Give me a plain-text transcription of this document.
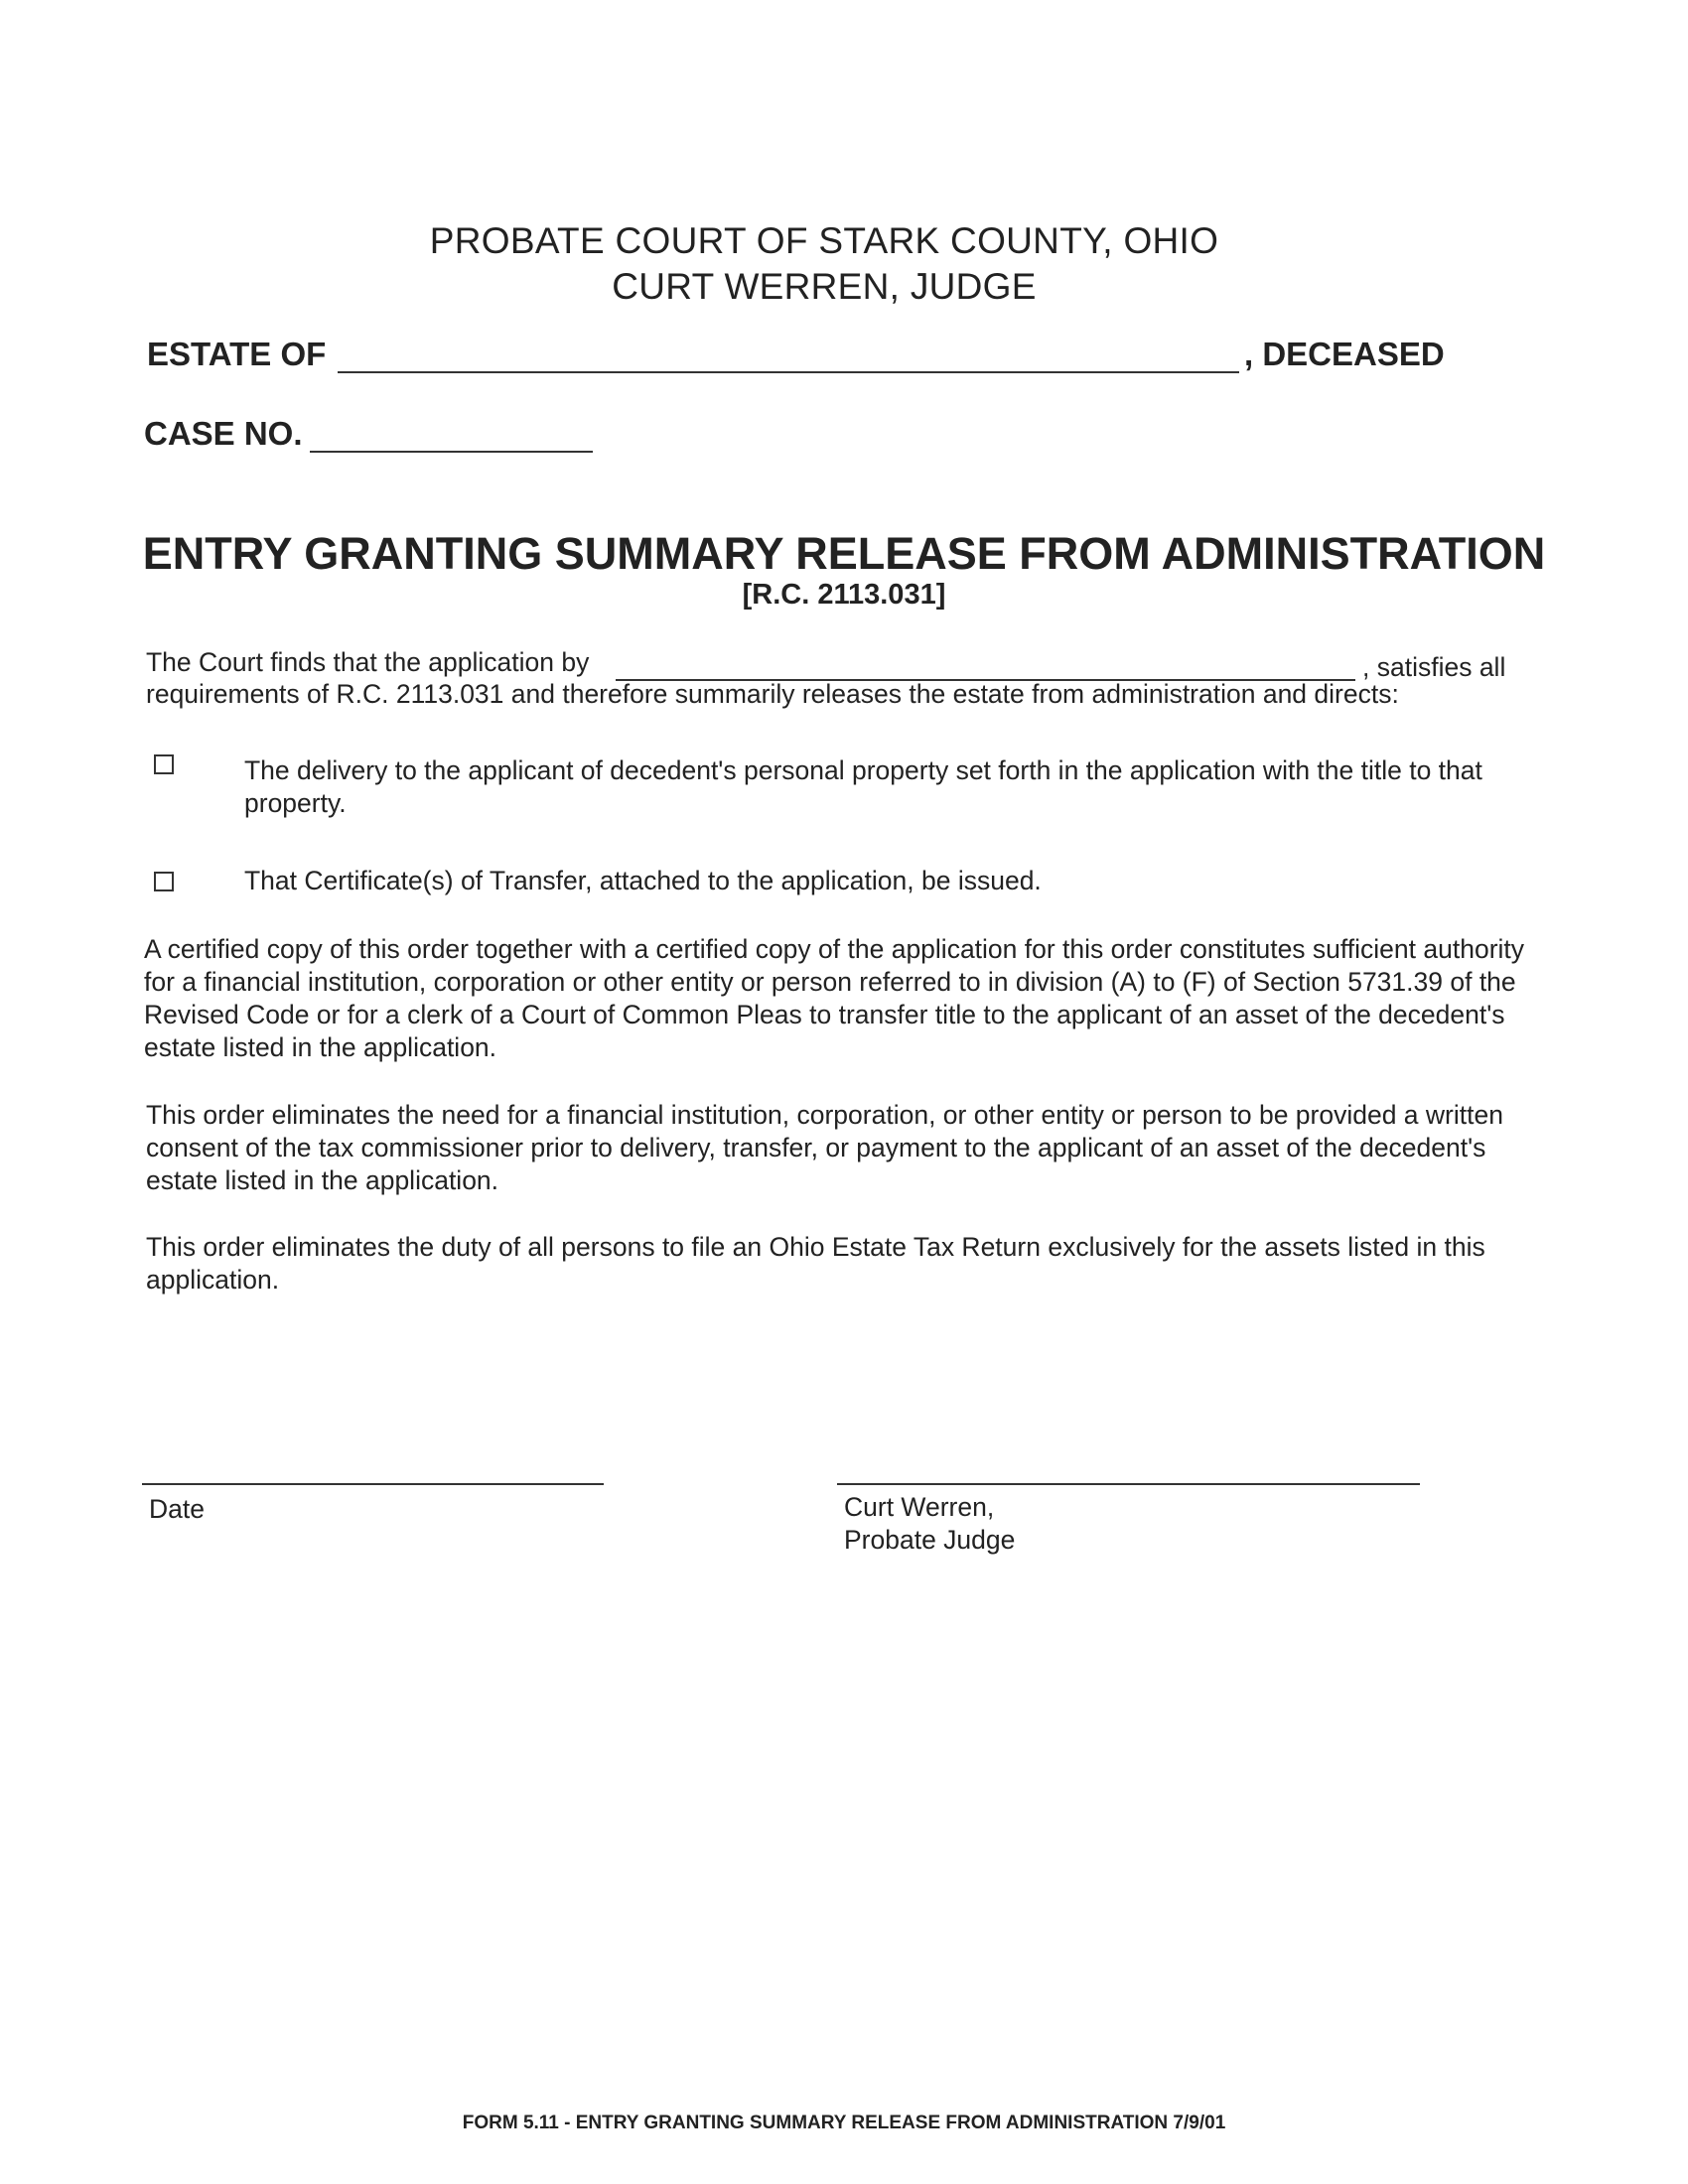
PROBATE COURT OF STARK COUNTY, OHIO
CURT WERREN, JUDGE
ESTATE OF	, DECEASED
CASE NO.
ENTRY GRANTING SUMMARY RELEASE FROM ADMINISTRATION
[R.C. 2113.031]
The Court finds that the application by	, satisfies all
requirements of R.C. 2113.031 and therefore summarily releases the estate from administration and directs:
The delivery to the applicant of decedent's personal property set forth in the application with the title to that
property.
That Certificate(s) of Transfer, attached to the application, be issued.
A certified copy of this order together with a certified copy of the application for this order constitutes sufficient authority
for a financial institution, corporation or other entity or person referred to in division (A) to (F) of Section 5731.39 of the
Revised Code or for a clerk of a Court of Common Pleas to transfer title to the applicant of an asset of the decedent's
estate listed in the application.
This order eliminates the need for a financial institution, corporation, or other entity or person to be provided a written
consent of the tax commissioner prior to delivery, transfer, or payment to the applicant of an asset of the decedent's
estate listed in the application.
This order eliminates the duty of all persons to file an Ohio Estate Tax Return exclusively for the assets listed in this
application.
Date	Curt Werren,
Probate Judge
FORM 5.11 - ENTRY GRANTING SUMMARY RELEASE FROM ADMINISTRATION 7/9/01
